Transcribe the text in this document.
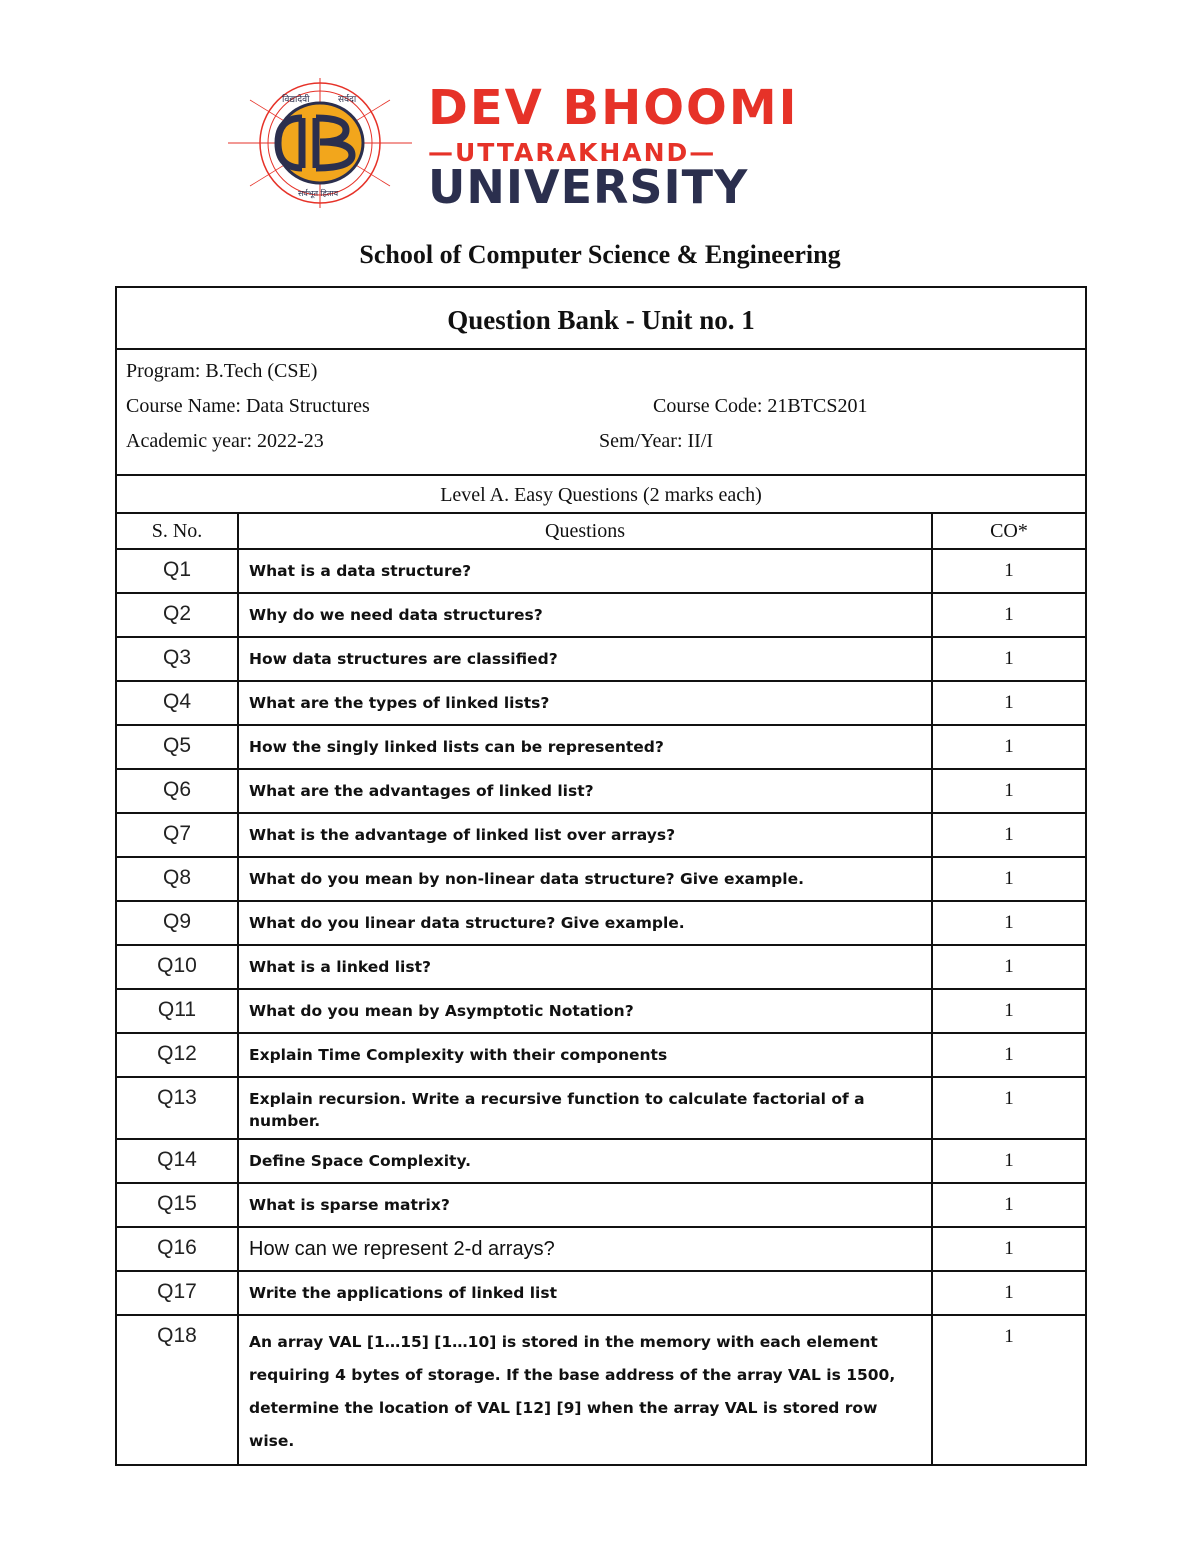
विद्यादेवी	सर्वदा
सर्वभूत हिताय
DEV BHOOMI
—UTTARAKHAND—
UNIVERSITY
School of Computer Science & Engineering
Question Bank - Unit no. 1
Program: B.Tech (CSE)
Course Name: Data Structures	Course Code: 21BTCS201
Academic year: 2022-23	Sem/Year: II/I
Level A. Easy Questions (2 marks each)
S. No.	Questions	CO*
Q1	What is a data structure?	1
Q2	Why do we need data structures?	1
Q3	How data structures are classified?	1
Q4	What are the types of linked lists?	1
Q5	How the singly linked lists can be represented?	1
Q6	What are the advantages of linked list?	1
Q7	What is the advantage of linked list over arrays?	1
Q8	What do you mean by non-linear data structure? Give example.	1
Q9	What do you linear data structure? Give example.	1
Q10	What is a linked list?	1
Q11	What do you mean by Asymptotic Notation?	1
Q12	Explain Time Complexity with their components	1
Q13	Explain recursion. Write a recursive function to calculate factorial of a number.	1
Q14	Define Space Complexity.	1
Q15	What is sparse matrix?	1
Q16	How can we represent 2-d arrays?	1
Q17	Write the applications of linked list	1
Q18	An array VAL [1…15] [1…10] is stored in the memory with each element requiring 4 bytes of storage. If the base address of the array VAL is 1500, determine the location of VAL [12] [9] when the array VAL is stored row wise.	1
